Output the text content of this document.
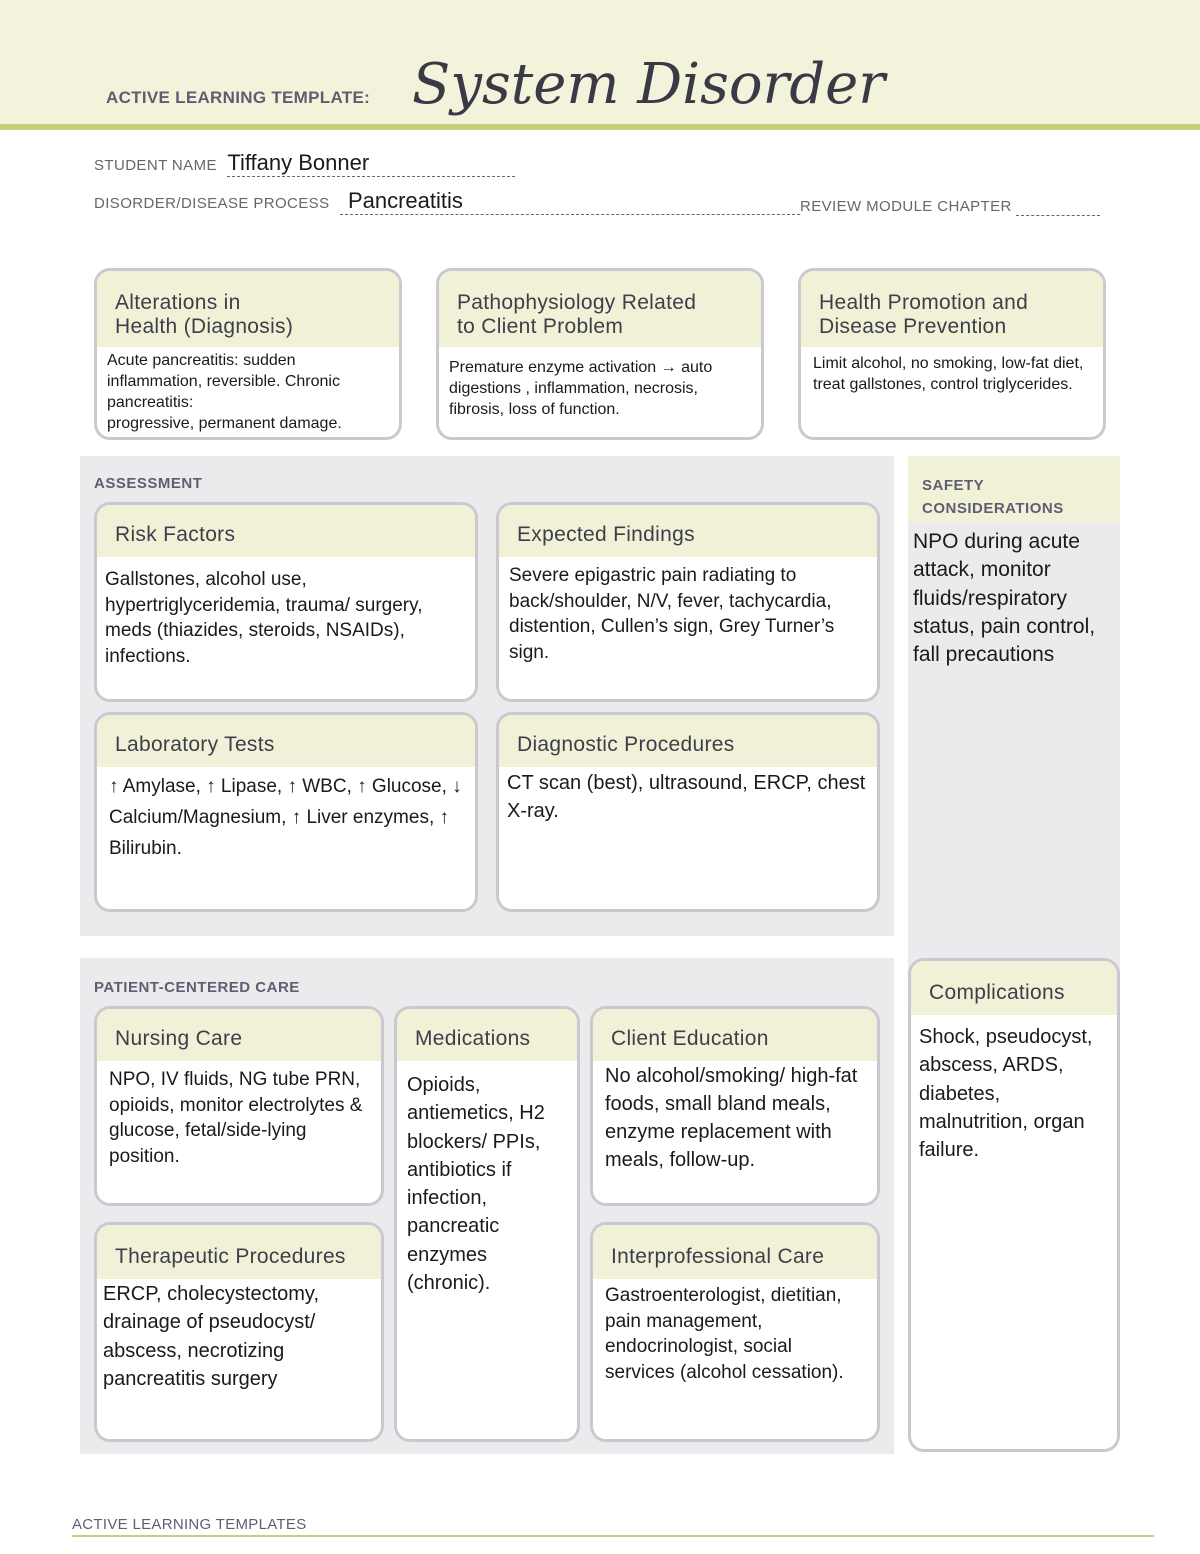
ACTIVE LEARNING TEMPLATE: System Disorder
STUDENT NAME Tiffany Bonner
DISORDER/DISEASE PROCESS Pancreatitis	REVIEW MODULE CHAPTER
Alterations in
Health (Diagnosis)
Acute pancreatitis: sudden inflammation, reversible. Chronic pancreatitis:
progressive, permanent damage.
Pathophysiology Related
to Client Problem
Premature enzyme activation → auto digestions , inflammation, necrosis, fibrosis, loss of function.
Health Promotion and
Disease Prevention
Limit alcohol, no smoking, low-fat diet, treat gallstones, control triglycerides.
ASSESSMENT
Risk Factors
Gallstones, alcohol use, hypertriglyceridemia, trauma/ surgery, meds (thiazides, steroids, NSAIDs), infections.
Expected Findings
Severe epigastric pain radiating to back/shoulder, N/V, fever, tachycardia, distention, Cullen’s sign, Grey Turner’s sign.
Laboratory Tests
↑ Amylase, ↑ Lipase, ↑ WBC, ↑ Glucose, ↓ Calcium/Magnesium, ↑ Liver enzymes, ↑ Bilirubin.
Diagnostic Procedures
CT scan (best), ultrasound, ERCP, chest X-ray.
SAFETY
CONSIDERATIONS
NPO during acute attack, monitor fluids/respiratory status, pain control, fall precautions
PATIENT-CENTERED CARE
Nursing Care
NPO, IV fluids, NG tube PRN, opioids, monitor electrolytes & glucose, fetal/side-lying position.
Medications
Opioids, antiemetics, H2 blockers/ PPIs, antibiotics if infection, pancreatic enzymes (chronic).
Client Education
No alcohol/smoking/ high-fat foods, small bland meals, enzyme replacement with meals, follow-up.
Therapeutic Procedures
ERCP, cholecystectomy, drainage of pseudocyst/ abscess, necrotizing pancreatitis surgery
Interprofessional Care
Gastroenterologist, dietitian, pain management, endocrinologist, social services (alcohol cessation).
Complications
Shock, pseudocyst, abscess, ARDS, diabetes, malnutrition, organ failure.
ACTIVE LEARNING TEMPLATES
